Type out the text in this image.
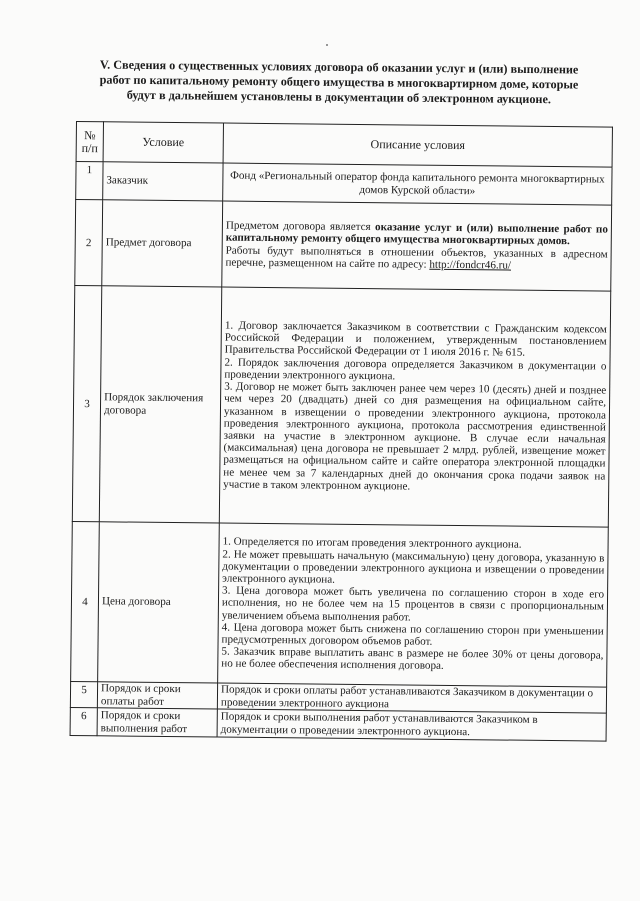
V. Сведения о существенных условиях договора об оказании услуг и (или) выполнение
работ по капитальному ремонту общего имущества в многоквартирном доме, которые
будут в дальнейшем установлены в документации об электронном аукционе.
№
п/п	Условие	Описание условия
1	Заказчик	Фонд «Региональный оператор фонда капитального ремонта многоквартирных домов Курской области»
2	Предмет договора	Предметом договора является оказание услуг и (или) выполнение работ по капитальному ремонту общего имущества многоквартирных домов.

Работы будут выполняться в отношении объектов, указанных в адресном перечне, размещенном на сайте по адресу: http://fondcr46.ru/

3	Порядок заключения договора	1. Договор заключается Заказчиком в соответствии с Гражданским кодексом Российской Федерации и положением, утвержденным постановлением Правительства Российской Федерации от 1 июля 2016 г. № 615.

2. Порядок заключения договора определяется Заказчиком в документации о проведении электронного аукциона.

3. Договор не может быть заключен ранее чем через 10 (десять) дней и позднее чем через 20 (двадцать) дней со дня размещения на официальном сайте, указанном в извещении о проведении электронного аукциона, протокола проведения электронного аукциона, протокола рассмотрения единственной заявки на участие в электронном аукционе. В случае если начальная (максимальная) цена договора не превышает 2 млрд. рублей, извещение может размещаться на официальном сайте и сайте оператора электронной площадки не менее чем за 7 календарных дней до окончания срока подачи заявок на участие в таком электронном аукционе.

4	Цена договора	1. Определяется по итогам проведения электронного аукциона.

2. Не может превышать начальную (максимальную) цену договора, указанную в документации о проведении электронного аукциона и извещении о проведении электронного аукциона.

3. Цена договора может быть увеличена по соглашению сторон в ходе его исполнения, но не более чем на 15 процентов в связи с пропорциональным увеличением объема выполнения работ.

4. Цена договора может быть снижена по соглашению сторон при уменьшении предусмотренных договором объемов работ.

5. Заказчик вправе выплатить аванс в размере не более 30% от цены договора, но не более обеспечения исполнения договора.

5	Порядок и сроки оплаты работ	Порядок и сроки оплаты работ устанавливаются Заказчиком в документации о проведении электронного аукциона
6	Порядок и сроки выполнения работ	Порядок и сроки выполнения работ устанавливаются Заказчиком в документации о проведении электронного аукциона.
